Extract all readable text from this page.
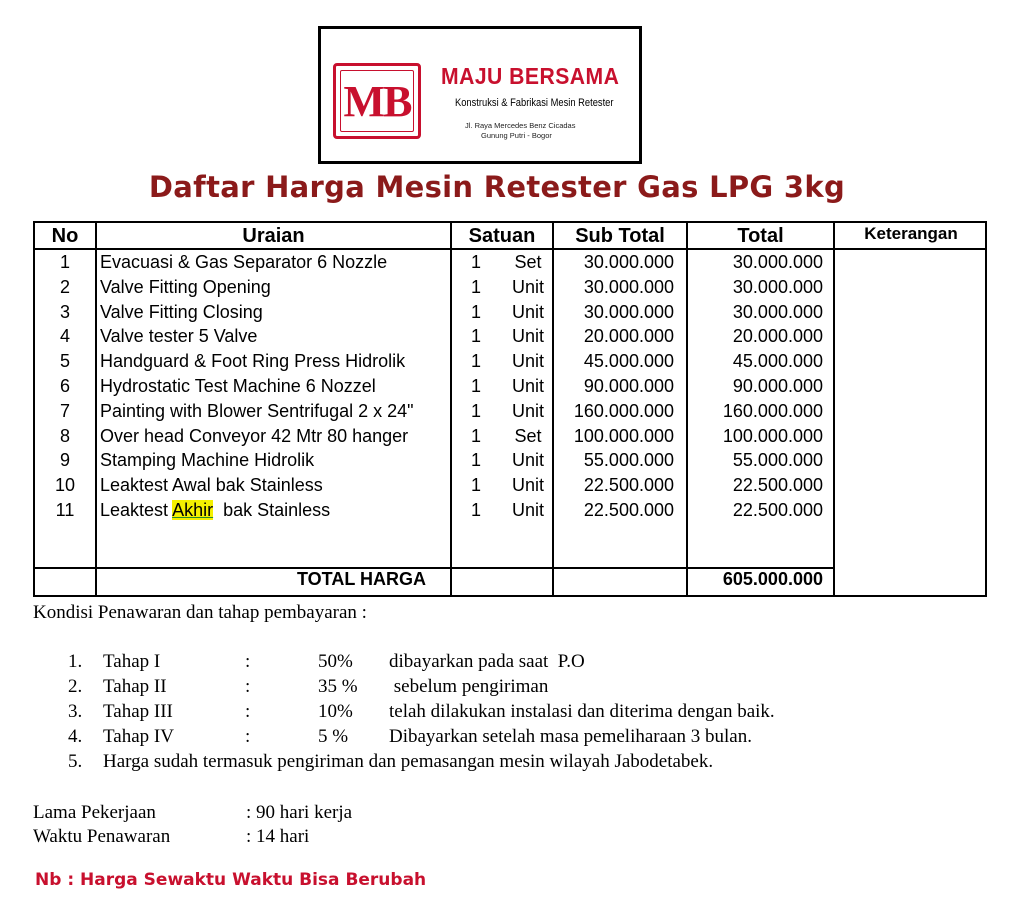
MB
MAJU BERSAMA
Konstruksi & Fabrikasi Mesin Retester
Jl. Raya Mercedes Benz Cicadas
Gunung Putri - Bogor
Daftar Harga Mesin Retester Gas LPG 3kg
No	Uraian	Satuan	Sub Total	Total	Keterangan
1	Evacuasi & Gas Separator 6 Nozzle	1	Set	30.000.000	30.000.000
2	Valve Fitting Opening	1 Unit 30.000.000	30.000.000
3	Valve Fitting Closing	1 Unit 30.000.000	30.000.000
4	Valve tester 5 Valve	1 Unit 20.000.000	20.000.000
5	Handguard & Foot Ring Press Hidrolik	1 Unit 45.000.000	45.000.000
6	Hydrostatic Test Machine 6 Nozzel	1 Unit 90.000.000	90.000.000
7	Painting with Blower Sentrifugal 2 x 24"	1 Unit 160.000.000	160.000.000
8	Over head Conveyor 42 Mtr 80 hanger	1	Set	100.000.000	100.000.000
9	Stamping Machine Hidrolik	1 Unit 55.000.000	55.000.000
10	Leaktest Awal bak Stainless	1 Unit 22.500.000	22.500.000
11	Leaktest Akhir  bak Stainless	1 Unit 22.500.000	22.500.000
TOTAL HARGA	605.000.000
Kondisi Penawaran dan tahap pembayaran :
1. Tahap I	:	50% dibayarkan pada saat  P.O
2. Tahap II	:	35 % sebelum pengiriman
3. Tahap III	:	10% telah dilakukan instalasi dan diterima dengan baik.
4. Tahap IV	:	5 % Dibayarkan setelah masa pemeliharaan 3 bulan.
5. Harga sudah termasuk pengiriman dan pemasangan mesin wilayah Jabodetabek.
Lama Pekerjaan	: 90 hari kerja
Waktu Penawaran	: 14 hari
Nb : Harga Sewaktu Waktu Bisa Berubah
